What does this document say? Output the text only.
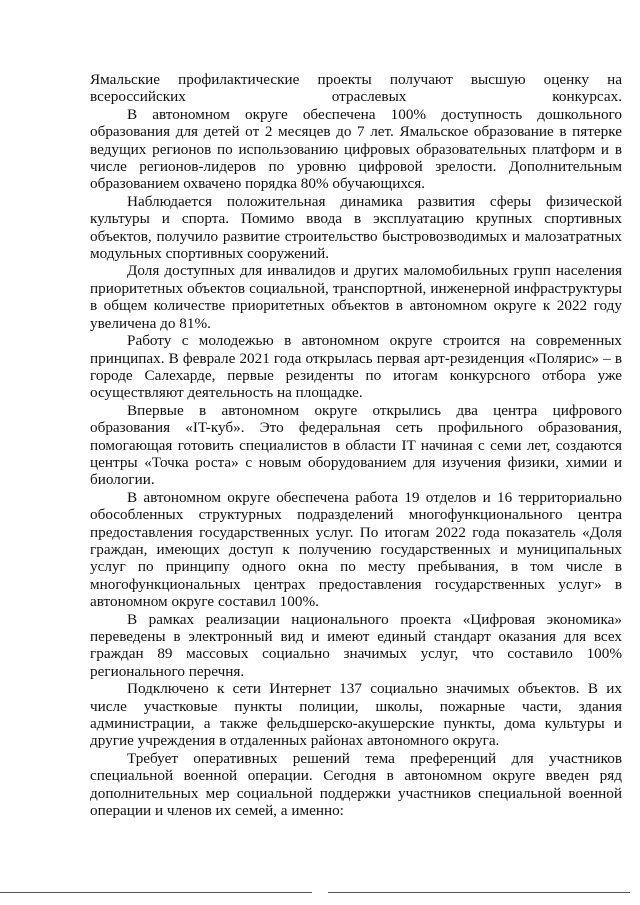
Ямальские профилактические проекты получают высшую оценку на всероссийских отраслевых конкурсах.

В автономном округе обеспечена 100% доступность дошкольного образования для детей от 2 месяцев до 7 лет. Ямальское образование в пятерке ведущих регионов по использованию цифровых образовательных платформ и в числе регионов-лидеров по уровню цифровой зрелости. Дополнительным образованием охвачено порядка 80% обучающихся.

Наблюдается положительная динамика развития сферы физической культуры и спорта. Помимо ввода в эксплуатацию крупных спортивных объектов, получило развитие строительство быстровозводимых и малозатратных модульных спортивных сооружений.

Доля доступных для инвалидов и других маломобильных групп населения приоритетных объектов социальной, транспортной, инженерной инфраструктуры в общем количестве приоритетных объектов в автономном округе к 2022 году увеличена до 81%.

Работу с молодежью в автономном округе строится на современных принципах. В феврале 2021 года открылась первая арт-резиденция «Полярис» – в городе Салехарде, первые резиденты по итогам конкурсного отбора уже осуществляют деятельность на площадке.

Впервые в автономном округе открылись два центра цифрового образования «IT-куб». Это федеральная сеть профильного образования, помогающая готовить специалистов в области IT начиная с семи лет, создаются центры «Точка роста» с новым оборудованием для изучения физики, химии и биологии.

В автономном округе обеспечена работа 19 отделов и 16 территориально обособленных структурных подразделений многофункционального центра предоставления государственных услуг. По итогам 2022 года показатель «Доля граждан, имеющих доступ к получению государственных и муниципальных услуг по принципу одного окна по месту пребывания, в том числе в многофункциональных центрах предоставления государственных услуг» в автономном округе составил 100%.

В рамках реализации национального проекта «Цифровая экономика» переведены в электронный вид и имеют единый стандарт оказания для всех граждан 89 массовых социально значимых услуг, что составило 100% регионального перечня.

Подключено к сети Интернет 137 социально значимых объектов. В их числе участковые пункты полиции, школы, пожарные части, здания администрации, а также фельдшерско-акушерские пункты, дома культуры и другие учреждения в отдаленных районах автономного округа.

Требует оперативных решений тема преференций для участников специальной военной операции. Сегодня в автономном округе введен ряд дополнительных мер социальной поддержки участников специальной военной операции и членов их семей, а именно:
